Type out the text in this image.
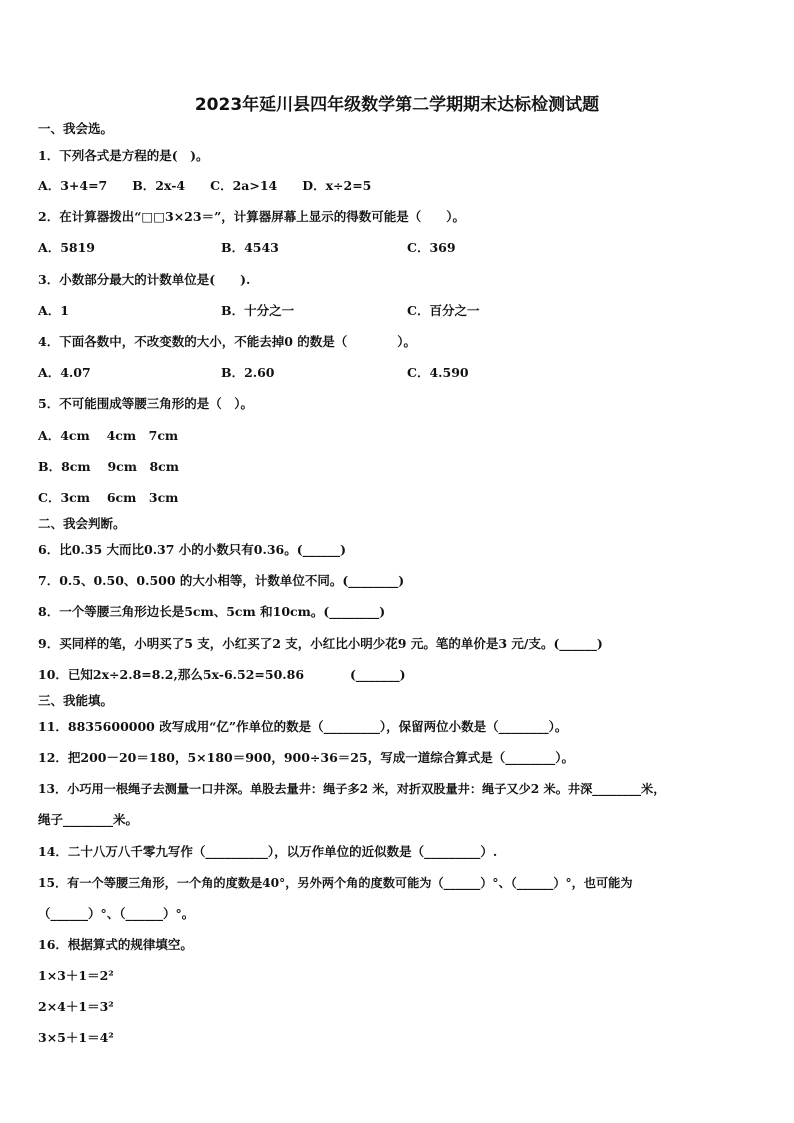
2023年延川县四年级数学第二学期期末达标检测试题
一、我会选。
1．下列各式是方程的是(　)。
A．3+4=7　　B．2x-4　　C．2a>14　　D．x÷2=5
2．在计算器拨出“□□3×23＝”，计算器屏幕上显示的得数可能是（　　）。
A．5819	B．4543	C．369
3．小数部分最大的计数单位是(　　).
A．1	B．十分之一	C．百分之一
4．下面各数中，不改变数的大小，不能去掉0 的数是（　　　　）。
A．4.07	B．2.60	C．4.590
5．不可能围成等腰三角形的是（　）。
A．4cm　 4cm　7cm
B．8cm　 9cm　8cm
C．3cm　 6cm　3cm
二、我会判断。
6．比0.35 大而比0.37 小的小数只有0.36。(______)
7．0.5、0.50、0.500 的大小相等，计数单位不同。(________)
8．一个等腰三角形边长是5cm、5cm 和10cm。(________)
9．买同样的笔，小明买了5 支，小红买了2 支，小红比小明少花9 元。笔的单价是3 元/支。(______)
10．已知2x÷2.8=8.2,那么5x-6.52=50.86	(_______)
三、我能填。
11．8835600000 改写成用“亿”作单位的数是（_________），保留两位小数是（________）。
12．把200－20＝180，5×180＝900，900÷36＝25，写成一道综合算式是（________）。
13．小巧用一根绳子去测量一口井深。单股去量井：绳子多2 米，对折双股量井：绳子又少2 米。井深________米，
绳子________米。
14．二十八万八千零九写作（__________），以万作单位的近似数是（_________）.
15．有一个等腰三角形，一个角的度数是40°，另外两个角的度数可能为（______）°、（______）°，也可能为
（______）°、（______）°。
16．根据算式的规律填空。
1×3＋1＝2²
2×4＋1＝3²
3×5＋1＝4²
